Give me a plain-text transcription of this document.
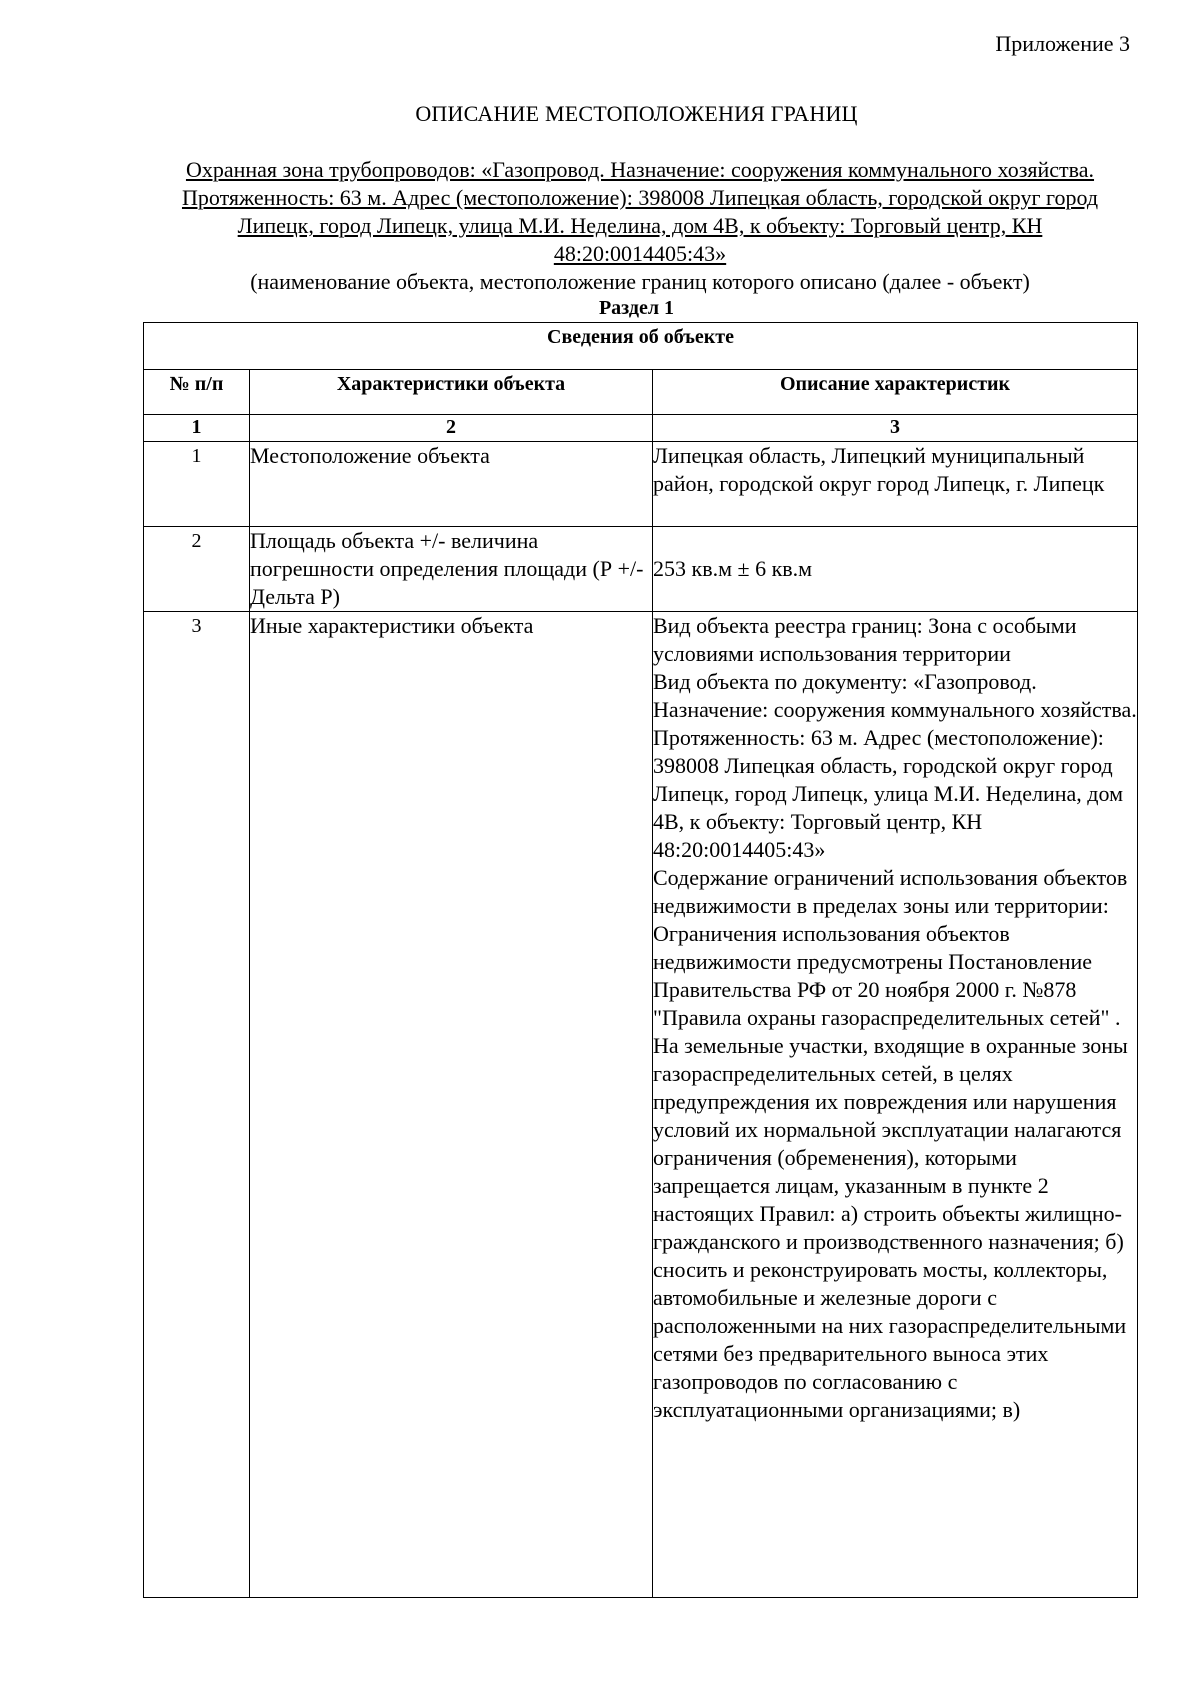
Приложение 3
ОПИСАНИЕ МЕСТОПОЛОЖЕНИЯ ГРАНИЦ
Охранная зона трубопроводов: «Газопровод. Назначение: сооружения коммунального хозяйства. Протяженность: 63 м. Адрес (местоположение): 398008 Липецкая область, городской округ город Липецк, город Липецк, улица М.И. Неделина, дом 4В, к объекту: Торговый центр, КН 48:20:0014405:43»
(наименование объекта, местоположение границ которого описано (далее - объект)
Раздел 1
Сведения об объекте		
№ п/п	Характеристики объекта	Описание характеристик
1	2	3
1	Местоположение объекта	Липецкая область, Липецкий муниципальный район, городской округ город Липецк, г. Липецк
2	Площадь объекта +/- величина погрешности определения площади (Р +/- Дельта Р)	253 кв.м ± 6 кв.м
3	Иные характеристики объекта	Вид объекта реестра границ: Зона с особыми условиями использования территории
Вид объекта по документу: «Газопровод. Назначение: сооружения коммунального хозяйства. Протяженность: 63 м. Адрес (местоположение): 398008 Липецкая область, городской округ город Липецк, город Липецк, улица М.И. Неделина, дом 4В, к объекту: Торговый центр, КН 48:20:0014405:43»
Содержание ограничений использования объектов недвижимости в пределах зоны или территории: Ограничения использования объектов недвижимости предусмотрены Постановление Правительства РФ от 20 ноября 2000 г. №878 "Правила охраны газораспределительных сетей" . На земельные участки, входящие в охранные зоны газораспределительных сетей, в целях предупреждения их повреждения или нарушения условий их нормальной эксплуатации налагаются ограничения (обременения), которыми запрещается лицам, указанным в пункте 2 настоящих Правил: а) строить объекты жилищно-гражданского и производственного назначения; б) сносить и реконструировать мосты, коллекторы, автомобильные и железные дороги с расположенными на них газораспределительными сетями без предварительного выноса этих газопроводов по согласованию с эксплуатационными организациями; в)
